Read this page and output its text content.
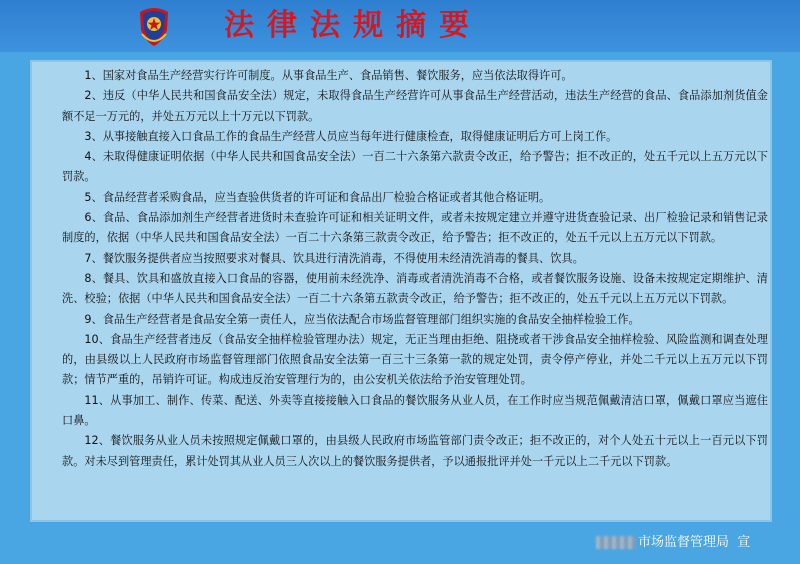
法律法规摘要

1、国家对食品生产经营实行许可制度。从事食品生产、食品销售、餐饮服务，应当依法取得许可。

2、违反（中华人民共和国食品安全法）规定，未取得食品生产经营许可从事食品生产经营活动，违法生产经营的食品、食品添加剂货值金额不足一万元的，并处五万元以上十万元以下罚款。

3、从事接触直接入口食品工作的食品生产经营人员应当每年进行健康检查，取得健康证明后方可上岗工作。

4、未取得健康证明依据（中华人民共和国食品安全法）一百二十六条第六款责令改正，给予警告；拒不改正的，处五千元以上五万元以下罚款。

5、食品经营者采购食品，应当查验供货者的许可证和食品出厂检验合格证或者其他合格证明。

6、食品、食品添加剂生产经营者进货时未查验许可证和相关证明文件，或者未按规定建立并遵守进货查验记录、出厂检验记录和销售记录制度的，依据（中华人民共和国食品安全法）一百二十六条第三款责令改正，给予警告；拒不改正的，处五千元以上五万元以下罚款。

7、餐饮服务提供者应当按照要求对餐具、饮具进行清洗消毒，不得使用未经清洗消毒的餐具、饮具。

8、餐具、饮具和盛放直接入口食品的容器，使用前未经洗净、消毒或者清洗消毒不合格，或者餐饮服务设施、设备未按规定定期维护、清洗、校验；依据（中华人民共和国食品安全法）一百二十六条第五款责令改正，给予警告；拒不改正的，处五千元以上五万元以下罚款。

9、食品生产经营者是食品安全第一责任人，应当依法配合市场监督管理部门组织实施的食品安全抽样检验工作。

10、食品生产经营者违反（食品安全抽样检验管理办法）规定，无正当理由拒绝、阻挠或者干涉食品安全抽样检验、风险监测和调查处理的，由县级以上人民政府市场监督管理部门依照食品安全法第一百三十三条第一款的规定处罚，责令停产停业，并处二千元以上五万元以下罚款；情节严重的，吊销许可证。构成违反治安管理行为的，由公安机关依法给予治安管理处罚。

11、从事加工、制作、传菜、配送、外卖等直接接触入口食品的餐饮服务从业人员，在工作时应当规范佩戴清洁口罩，佩戴口罩应当遮住口鼻。

12、餐饮服务从业人员未按照规定佩戴口罩的，由县级人民政府市场监管部门责令改正；拒不改正的，对个人处五十元以上一百元以下罚款。对未尽到管理责任，累计处罚其从业人员三人次以上的餐饮服务提供者，予以通报批评并处一千元以上二千元以下罚款。

市场监督管理局 宣
